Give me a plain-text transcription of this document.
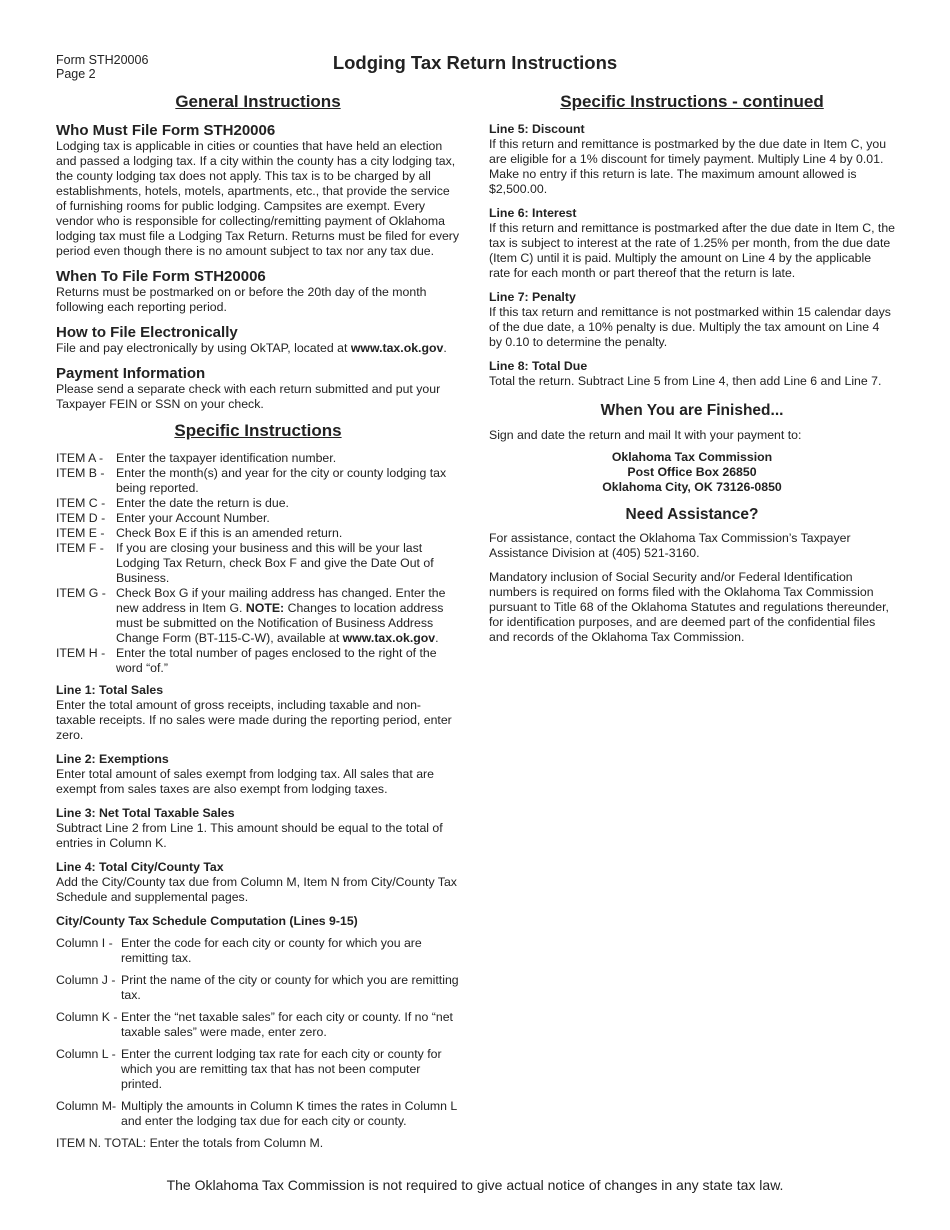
Form STH20006
Page 2
Lodging Tax Return Instructions
General Instructions
Who Must File Form STH20006

Lodging tax is applicable in cities or counties that have held an election and passed a lodging tax. If a city within the county has a city lodging tax, the county lodging tax does not apply. This tax is to be charged by all establishments, hotels, motels, apartments, etc., that provide the service of furnishing rooms for public lodging. Campsites are exempt. Every vendor who is responsible for collecting/remitting payment of Oklahoma lodging tax must file a Lodging Tax Return. Returns must be filed for every period even though there is no amount subject to tax nor any tax due.

When To File Form STH20006

Returns must be postmarked on or before the 20th day of the month following each reporting period.

How to File Electronically

File and pay electronically by using OkTAP, located at www.tax.ok.gov.

Payment Information

Please send a separate check with each return submitted and put your Taxpayer FEIN or SSN on your check.

Specific Instructions
ITEM A -	Enter the taxpayer identification number.
ITEM B - Enter the month(s) and year for the city or county lodging tax being reported.
ITEM C - Enter the date the return is due.
ITEM D - Enter your Account Number.
ITEM E - Check Box E if this is an amended return.
ITEM F - If you are closing your business and this will be your last Lodging Tax Return, check Box F and give the Date Out of Business.
ITEM G - Check Box G if your mailing address has changed. Enter the new address in Item G. NOTE: Changes to location address must be submitted on the Notification of Business Address Change Form (BT-115-C-W), available at www.tax.ok.gov.
ITEM H - Enter the total number of pages enclosed to the right of the word “of.”
Line 1: Total Sales

Enter the total amount of gross receipts, including taxable and non-taxable receipts. If no sales were made during the reporting period, enter zero.

Line 2: Exemptions

Enter total amount of sales exempt from lodging tax. All sales that are exempt from sales taxes are also exempt from lodging taxes.

Line 3: Net Total Taxable Sales

Subtract Line 2 from Line 1. This amount should be equal to the total of entries in Column K.

Line 4: Total City/County Tax

Add the City/County tax due from Column M, Item N from City/County Tax Schedule and supplemental pages.

City/County Tax Schedule Computation (Lines 9-15)
Column I - Enter the code for each city or county for which you are remitting tax.
Column J - Print the name of the city or county for which you are remitting tax.
Column K - Enter the “net taxable sales” for each city or county. If no “net taxable sales” were made, enter zero.
Column L - Enter the current lodging tax rate for each city or county for which you are remitting tax that has not been computer printed.
Column M- Multiply the amounts in Column K times the rates in Column L and enter the lodging tax due for each city or county.

ITEM N. TOTAL: Enter the totals from Column M.

Specific Instructions - continued
Line 5: Discount

If this return and remittance is postmarked by the due date in Item C, you are eligible for a 1% discount for timely payment. Multiply Line 4 by 0.01. Make no entry if this return is late. The maximum amount allowed is $2,500.00.

Line 6: Interest

If this return and remittance is postmarked after the due date in Item C, the tax is subject to interest at the rate of 1.25% per month, from the due date (Item C) until it is paid. Multiply the amount on Line 4 by the applicable rate for each month or part thereof that the return is late.

Line 7: Penalty

If this tax return and remittance is not postmarked within 15 calendar days of the due date, a 10% penalty is due. Multiply the tax amount on Line 4 by 0.10 to determine the penalty.

Line 8: Total Due

Total the return. Subtract Line 5 from Line 4, then add Line 6 and Line 7.

When You are Finished...

Sign and date the return and mail It with your payment to:

Oklahoma Tax Commission
Post Office Box 26850
Oklahoma City, OK 73126-0850
Need Assistance?

For assistance, contact the Oklahoma Tax Commission’s Taxpayer Assistance Division at (405) 521-3160.

Mandatory inclusion of Social Security and/or Federal Identification numbers is required on forms filed with the Oklahoma Tax Commission pursuant to Title 68 of the Oklahoma Statutes and regulations thereunder, for identification purposes, and are deemed part of the confidential files and records of the Oklahoma Tax Commission.

The Oklahoma Tax Commission is not required to give actual notice of changes in any state tax law.
